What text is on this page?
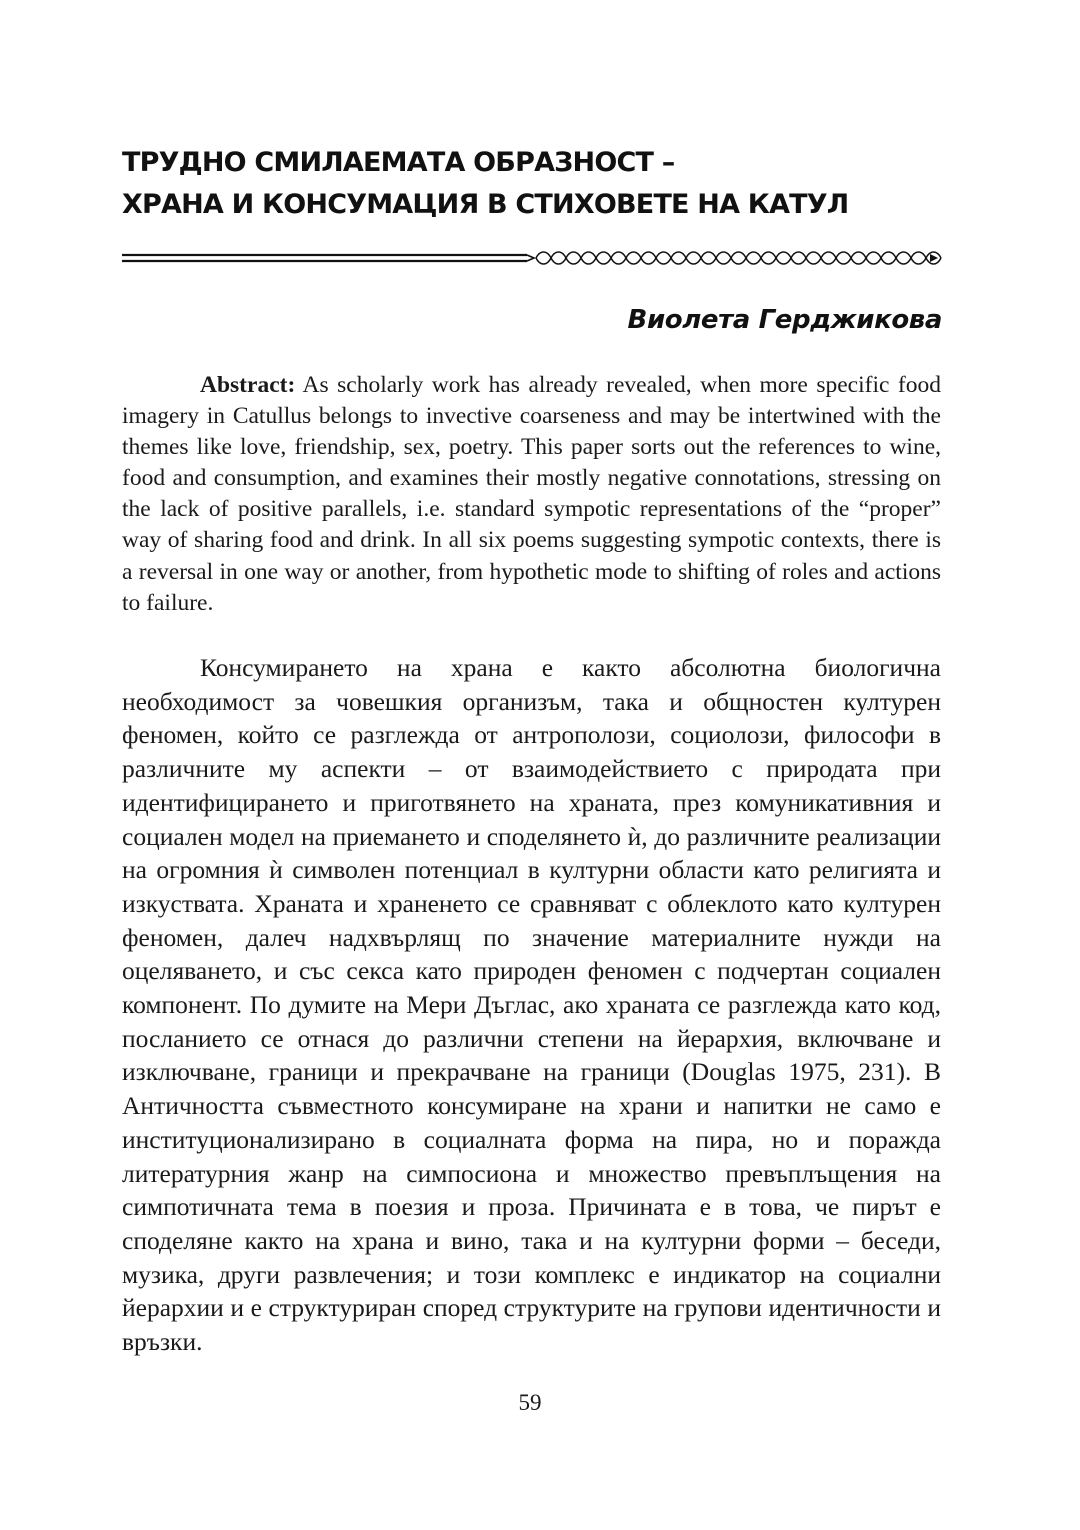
ТРУДНО СМИЛАЕМАТА ОБРАЗНОСТ –
ХРАНА И КОНСУМАЦИЯ В СТИХОВЕТЕ НА КАТУЛ

Виолета Герджикова

Abstract: As scholarly work has already revealed, when more specific food imagery in Catullus belongs to invective coarseness and may be intertwined with the themes like love, friendship, sex, poetry. This paper sorts out the references to wine, food and consumption, and examines their mostly negative connotations, stressing on the lack of positive parallels, i.e. standard sympotic representations of the “proper” way of sharing food and drink. In all six poems suggesting sympotic contexts, there is a reversal in one way or another, from hypothetic mode to shifting of roles and actions to failure.

Консумирането на храна е както абсолютна биологична необходимост за човешкия организъм, така и общностен културен феномен, който се разглежда от антрополози, социолози, философи в различните му аспекти – от взаимодействието с природата при идентифицирането и приготвянето на храната, през комуникативния и социален модел на приемането и споделянето ѝ, до различните реализации на огромния ѝ символен потенциал в културни области като религията и изкуствата. Храната и храненето се сравняват с облеклото като културен феномен, далеч надхвърлящ по значение материалните нужди на оцеляването, и със секса като природен феномен с подчертан социален компонент. По думите на Мери Дъглас, ако храната се разглежда като код, посланието се отнася до различни степени на йерархия, включване и изключване, граници и прекрачване на граници (Douglas 1975, 231). В Античността съвместното консумиране на храни и напитки не само е институционализирано в социалната форма на пира, но и поражда литературния жанр на симпосиона и множество превъплъщения на симпотичната тема в поезия и проза. Причината е в това, че пирът е споделяне както на храна и вино, така и на културни форми – беседи, музика, други развлечения; и този комплекс е индикатор на социални йерархии и е структуриран според структурите на групови идентичности и връзки.

59
